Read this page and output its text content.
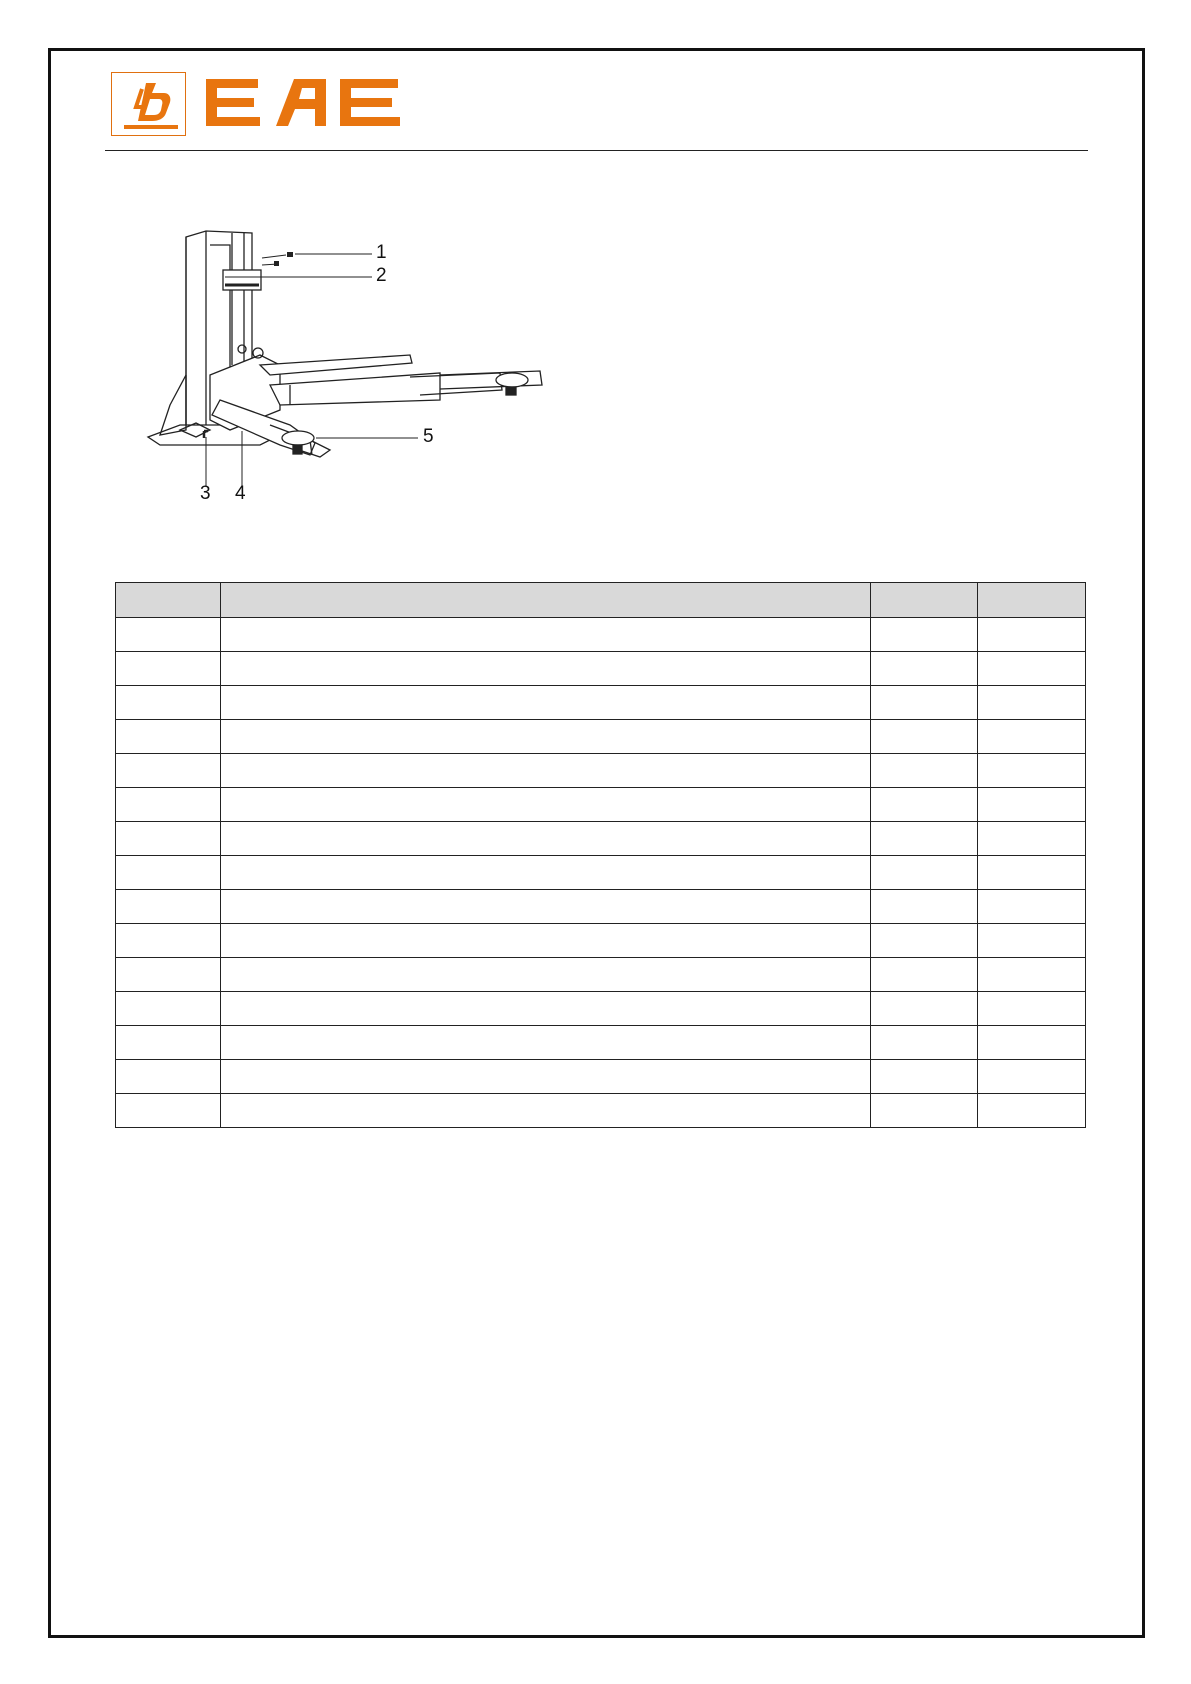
1
2
3 4
5
